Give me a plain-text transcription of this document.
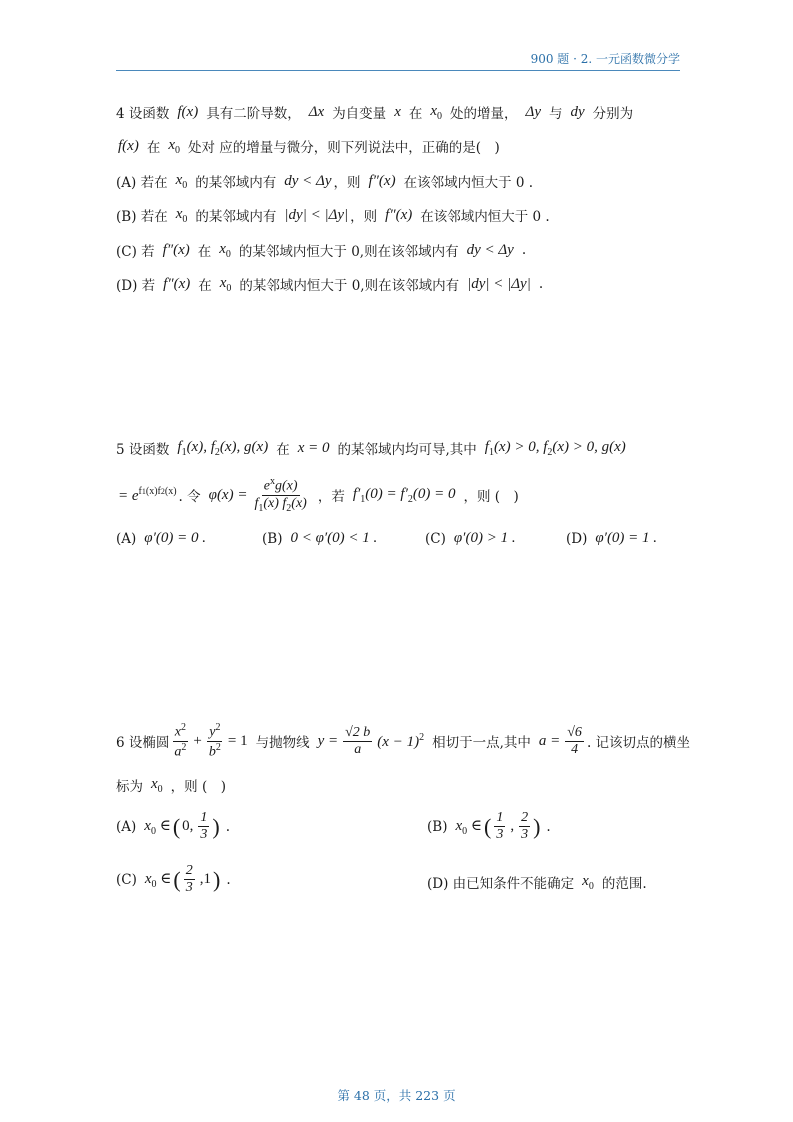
900 题 · 2. 一元函数微分学
4 设函数 f(x) 具有二阶导数， Δx 为自变量 x 在 $x_0$ 处的增量， Δy 与 dy 分别为
f(x) 在 $x_0$ 处对 应的增量与微分，则下列说法中，正确的是(　)
(A) 若在 $x_0$ 的某邻域内有 dy < Δy ，则 f″(x) 在该邻域内恒大于 0 .
(B) 若在 $x_0$ 的某邻域内有 |dy| < |Δy| ，则 f″(x) 在该邻域内恒大于 0 .
(C) 若 f″(x) 在 $x_0$ 的某邻域内恒大于 0,则在该邻域内有 dy < Δy .
(D) 若 f″(x) 在 $x_0$ 的某邻域内恒大于 0,则在该邻域内有 |dy| < |Δy| .
5 设函数 $f_1(x)$, $f_2(x)$, g(x) 在 x = 0 的某邻域内均可导,其中 $f_1(x) > 0$, $f_2(x) > 0$, g(x)
= $e^{f1(x)f2(x)}$ . 令 $\varphi(x) = \frac{e^xg(x)}{f_1(x) f_2(x)}$ ，若 $f'_1(0) = f'_2(0) = 0$ ，则 (　)
(A) φ′(0) = 0 .	(B) 0 < φ′(0) < 1 .	(C) φ′(0) > 1 .	(D) φ′(0) = 1 .
6 设椭圆 $\frac{x^2}{a^2} + \frac{y^2}{b^2} = 1$ 与抛物线 $y = \frac{√2 b}{a} (x - 1)^2$ 相切于一点,其中 $a = \frac{√6}{4}$ . 记该切点的横坐
标为 $x_0$ ，则 (　)
(A) $x_0$ ∈ ( 0, $\frac{1}{3}$ ) .	(B) $x_0$ ∈ ( $\frac{1}{3}$ , $\frac{2}{3}$ ) .
(C) $x_0$ ∈ ( $\frac{2}{3} ,1$ ) .	(D) 由已知条件不能确定 $x_0$ 的范围.
第 48 页，共 223 页
